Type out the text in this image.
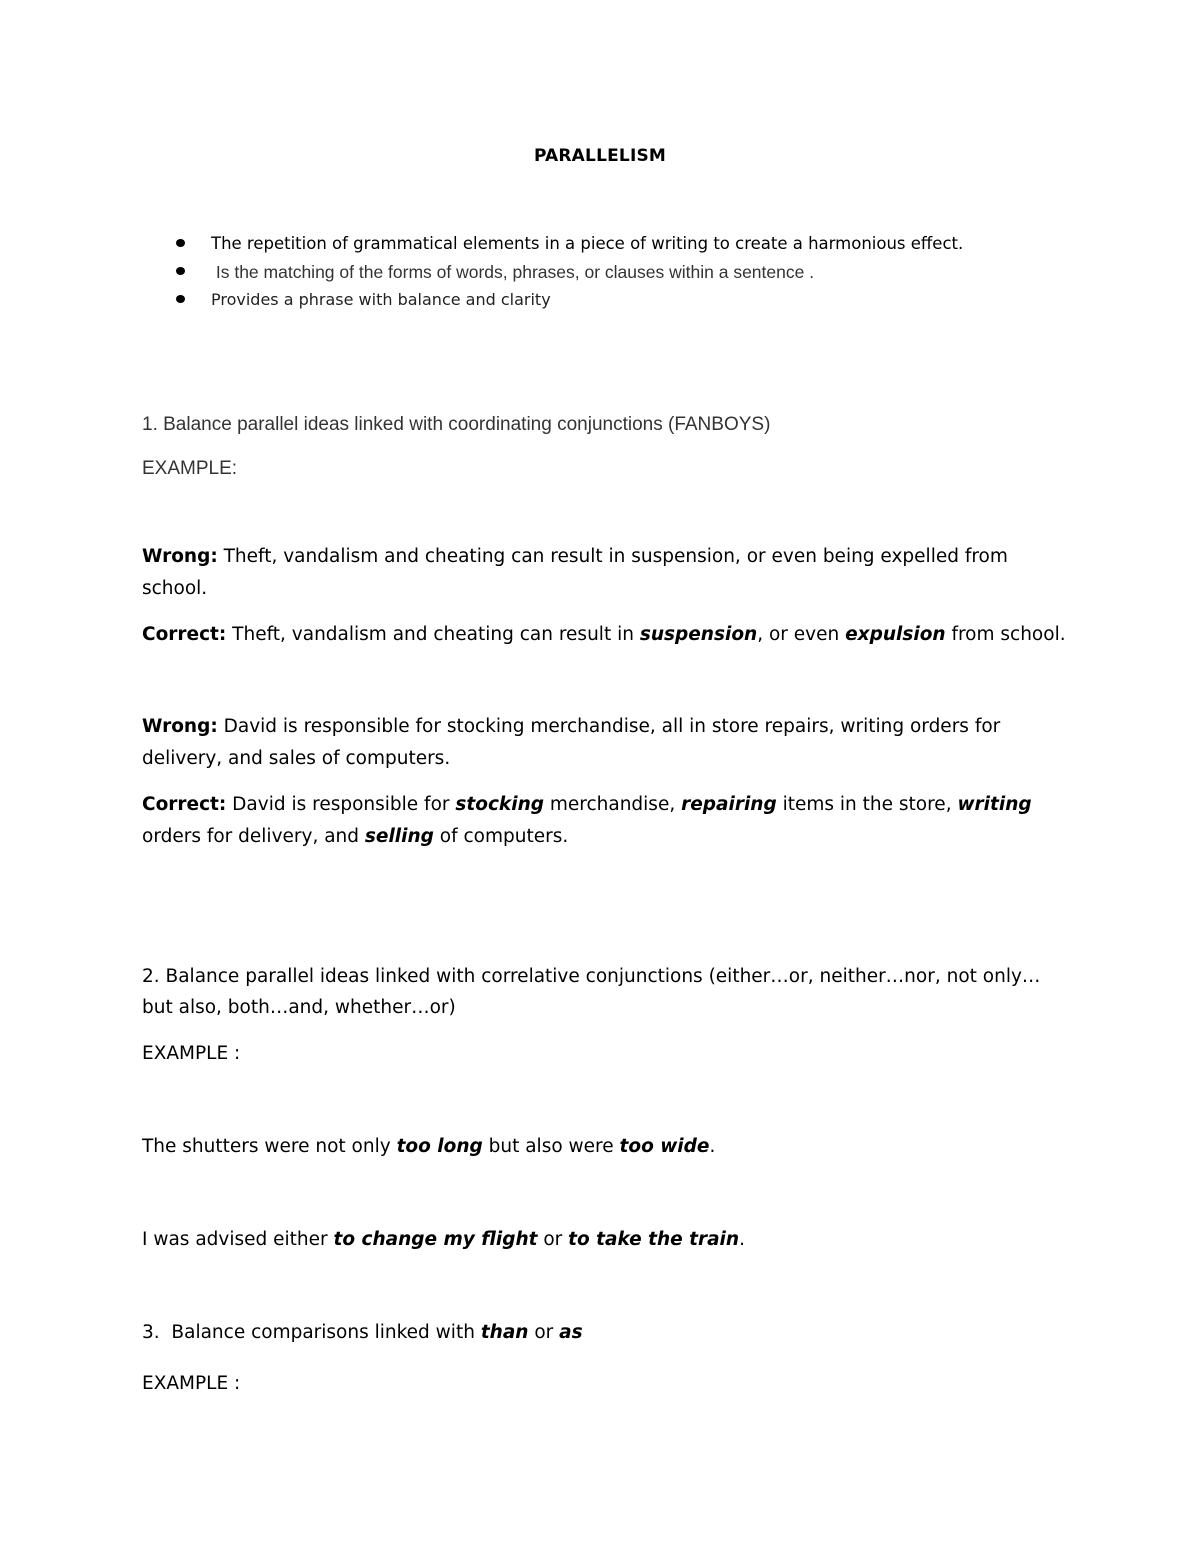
PARALLELISM
The repetition of grammatical elements in a piece of writing to create a harmonious effect.
Is the matching of the forms of words, phrases, or clauses within a sentence .
Provides a phrase with balance and clarity
1. Balance parallel ideas linked with coordinating conjunctions (FANBOYS)
EXAMPLE:
Wrong: Theft, vandalism and cheating can result in suspension, or even being expelled from
school.
Correct: Theft, vandalism and cheating can result in suspension, or even expulsion from school.
Wrong: David is responsible for stocking merchandise, all in store repairs, writing orders for
delivery, and sales of computers.
Correct: David is responsible for stocking merchandise, repairing items in the store, writing
orders for delivery, and selling of computers.
2. Balance parallel ideas linked with correlative conjunctions (either…or, neither…nor, not only…
but also, both…and, whether…or)
EXAMPLE :
The shutters were not only too long but also were too wide.
I was advised either to change my flight or to take the train.
3.  Balance comparisons linked with than or as
EXAMPLE :
